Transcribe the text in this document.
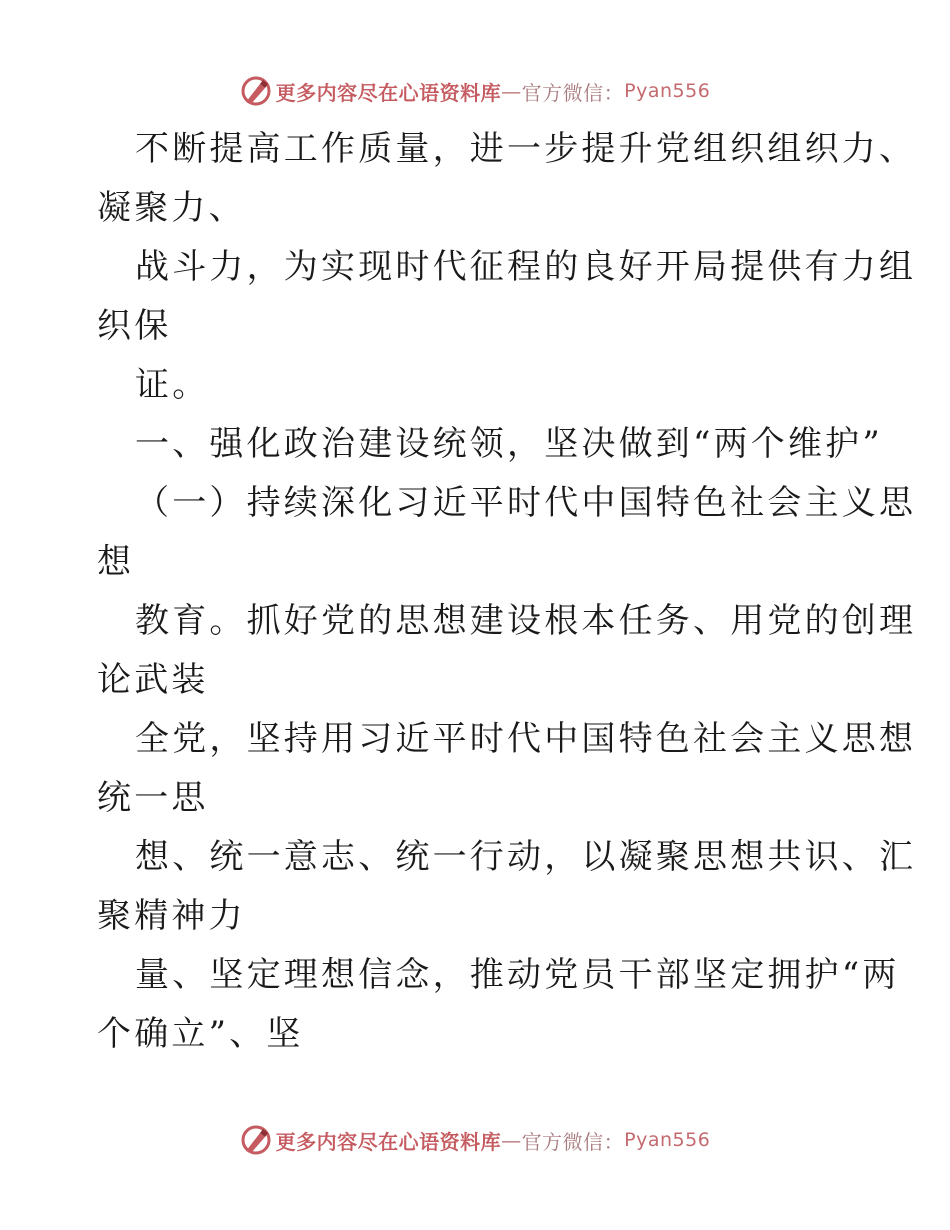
更多内容尽在心语资料库 — 官方微信： Pyan556
不断提高工作质量，进一步提升党组织组织力、
凝聚力、
战斗力，为实现时代征程的良好开局提供有力组
织保
证。
一、强化政治建设统领，坚决做到“两个维护”
（一）持续深化习近平时代中国特色社会主义思
想
教育。抓好党的思想建设根本任务、用党的创理
论武装
全党，坚持用习近平时代中国特色社会主义思想
统一思
想、统一意志、统一行动，以凝聚思想共识、汇
聚精神力
量、坚定理想信念，推动党员干部坚定拥护“两
个确立”、坚
更多内容尽在心语资料库 — 官方微信： Pyan556
